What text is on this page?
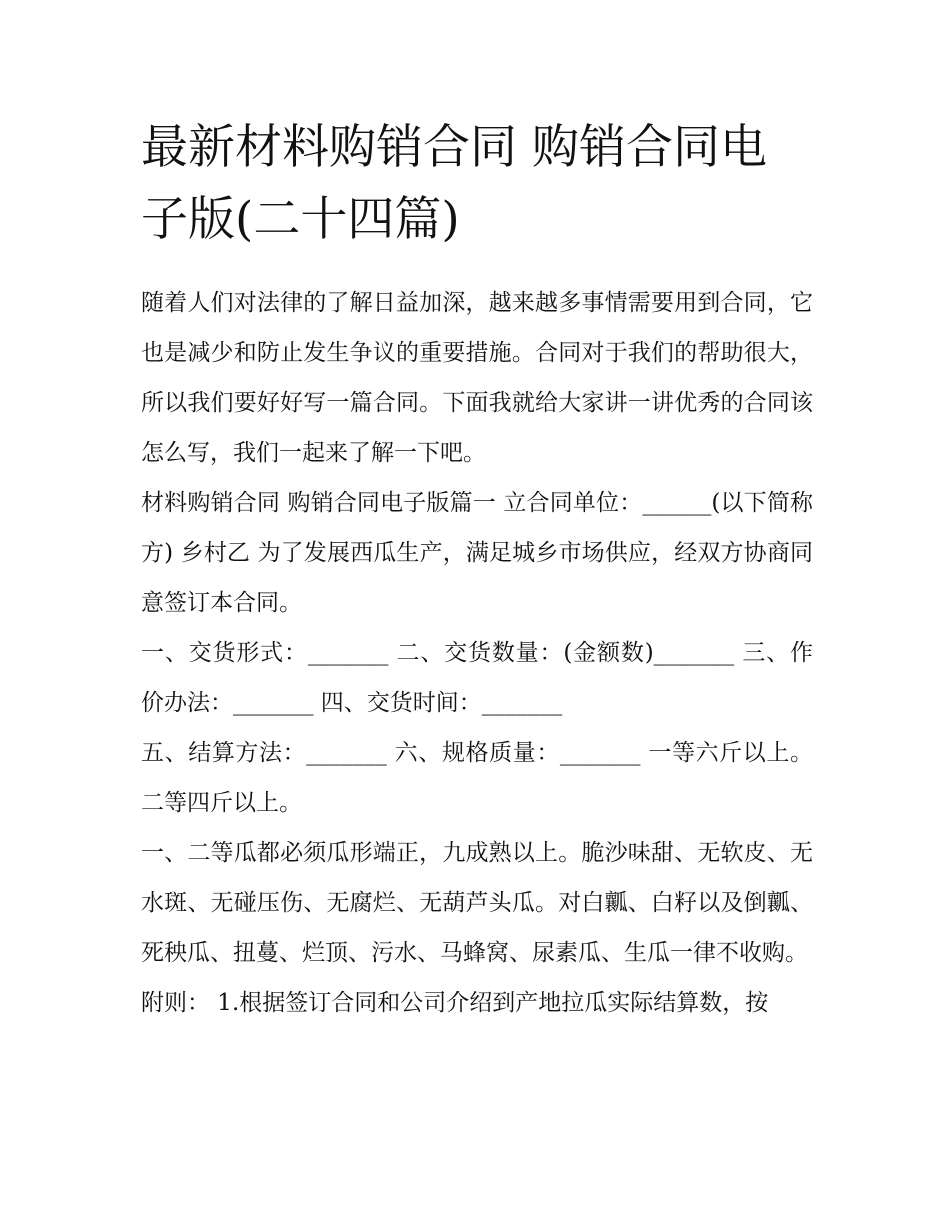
最新材料购销合同 购销合同电子版(二十四篇)

随着人们对法律的了解日益加深，越来越多事情需要用到合同，它也是减少和防止发生争议的重要措施。合同对于我们的帮助很大，所以我们要好好写一篇合同。下面我就给大家讲一讲优秀的合同该怎么写，我们一起来了解一下吧。

材料购销合同 购销合同电子版篇一 立合同单位：______(以下简称方) 乡村乙 为了发展西瓜生产，满足城乡市场供应，经双方协商同意签订本合同。

一、交货形式：_______ 二、交货数量：(金额数)_______ 三、作价办法：_______ 四、交货时间：_______

五、结算方法：_______ 六、规格质量：_______ 一等六斤以上。 二等四斤以上。

一、二等瓜都必须瓜形端正，九成熟以上。脆沙味甜、无软皮、无水斑、无碰压伤、无腐烂、无葫芦头瓜。对白瓤、白籽以及倒瓤、死秧瓜、扭蔓、烂顶、污水、马蜂窝、尿素瓜、生瓜一律不收购。

附则： 1.根据签订合同和公司介绍到产地拉瓜实际结算数，按
